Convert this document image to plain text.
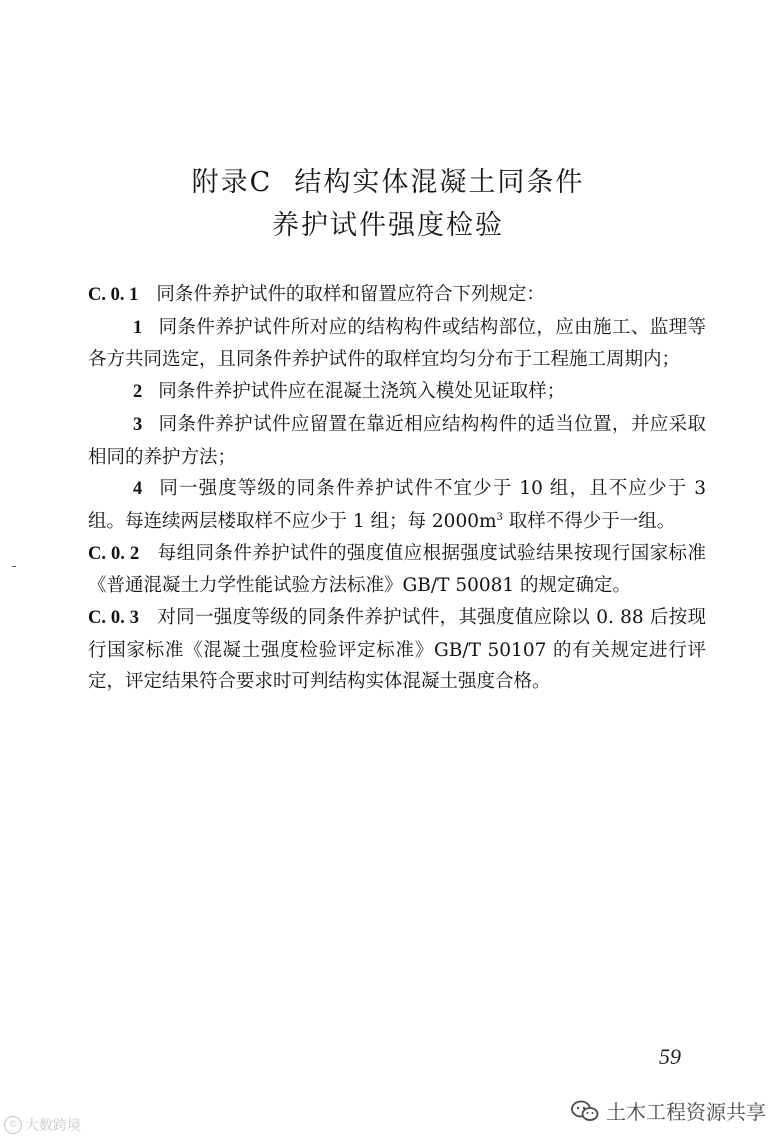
附录C 结构实体混凝土同条件
养护试件强度检验

C. 0. 1 同条件养护试件的取样和留置应符合下列规定：

1 同条件养护试件所对应的结构构件或结构部位，应由施工、监理等各方共同选定，且同条件养护试件的取样宜均匀分布于工程施工周期内；

2 同条件养护试件应在混凝土浇筑入模处见证取样；

3 同条件养护试件应留置在靠近相应结构构件的适当位置，并应采取相同的养护方法；

4 同一强度等级的同条件养护试件不宜少于 10 组，且不应少于 3 组。每连续两层楼取样不应少于 1 组；每 $2000m^3$ 取样不得少于一组。

C. 0. 2 每组同条件养护试件的强度值应根据强度试验结果按现行国家标准《普通混凝土力学性能试验方法标准》GB/T 50081 的规定确定。

C. 0. 3 对同一强度等级的同条件养护试件，其强度值应除以 0. 88 后按现行国家标准《混凝土强度检验评定标准》GB/T 50107 的有关规定进行评定，评定结果符合要求时可判结构实体混凝土强度合格。

59
© 大数跨境
土木工程资源共享
